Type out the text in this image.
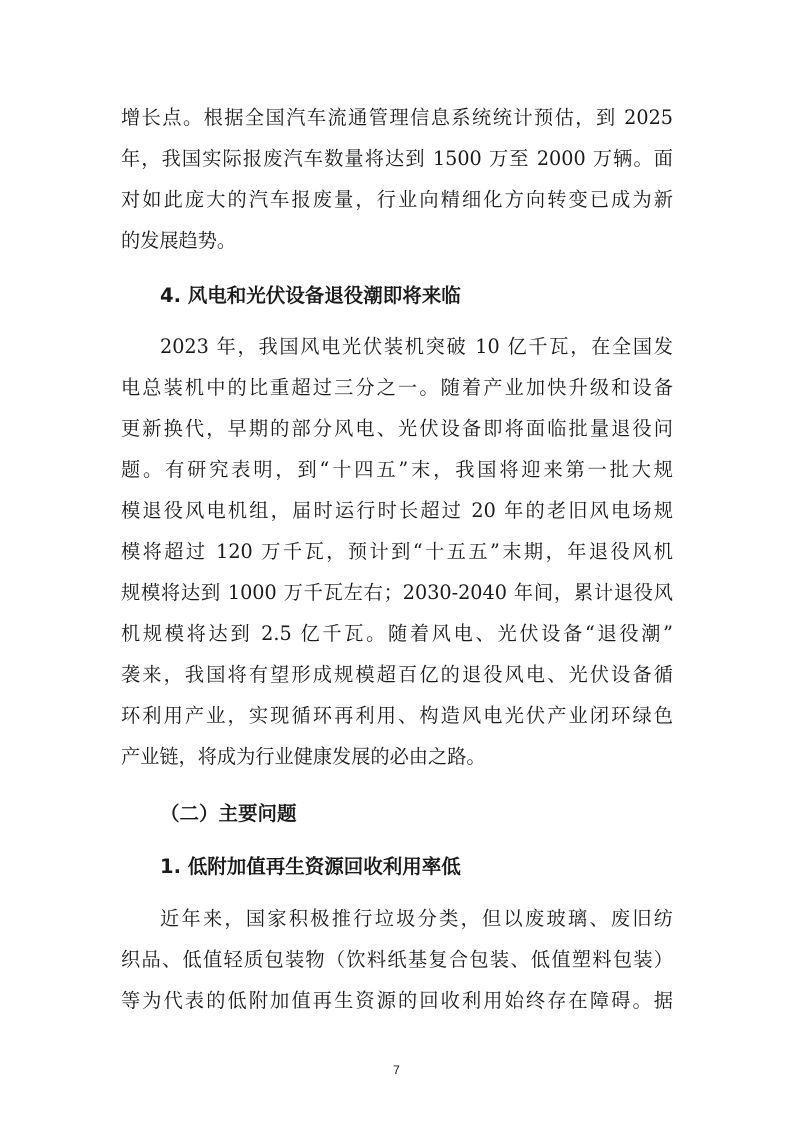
增长点。根据全国汽车流通管理信息系统统计预估，到 2025
年，我国实际报废汽车数量将达到 1500 万至 2000 万辆。面
对如此庞大的汽车报废量，行业向精细化方向转变已成为新
的发展趋势。
4. 风电和光伏设备退役潮即将来临
2023 年，我国风电光伏装机突破 10 亿千瓦，在全国发
电总装机中的比重超过三分之一。随着产业加快升级和设备
更新换代，早期的部分风电、光伏设备即将面临批量退役问
题。有研究表明，到“十四五”末，我国将迎来第一批大规
模退役风电机组，届时运行时长超过 20 年的老旧风电场规
模将超过 120 万千瓦，预计到“十五五”末期，年退役风机
规模将达到 1000 万千瓦左右；2030-2040 年间，累计退役风
机规模将达到 2.5 亿千瓦。随着风电、光伏设备“退役潮”
袭来，我国将有望形成规模超百亿的退役风电、光伏设备循
环利用产业，实现循环再利用、构造风电光伏产业闭环绿色
产业链，将成为行业健康发展的必由之路。
（二）主要问题
1. 低附加值再生资源回收利用率低
近年来，国家积极推行垃圾分类，但以废玻璃、废旧纺
织品、低值轻质包装物（饮料纸基复合包装、低值塑料包装）
等为代表的低附加值再生资源的回收利用始终存在障碍。据
7
